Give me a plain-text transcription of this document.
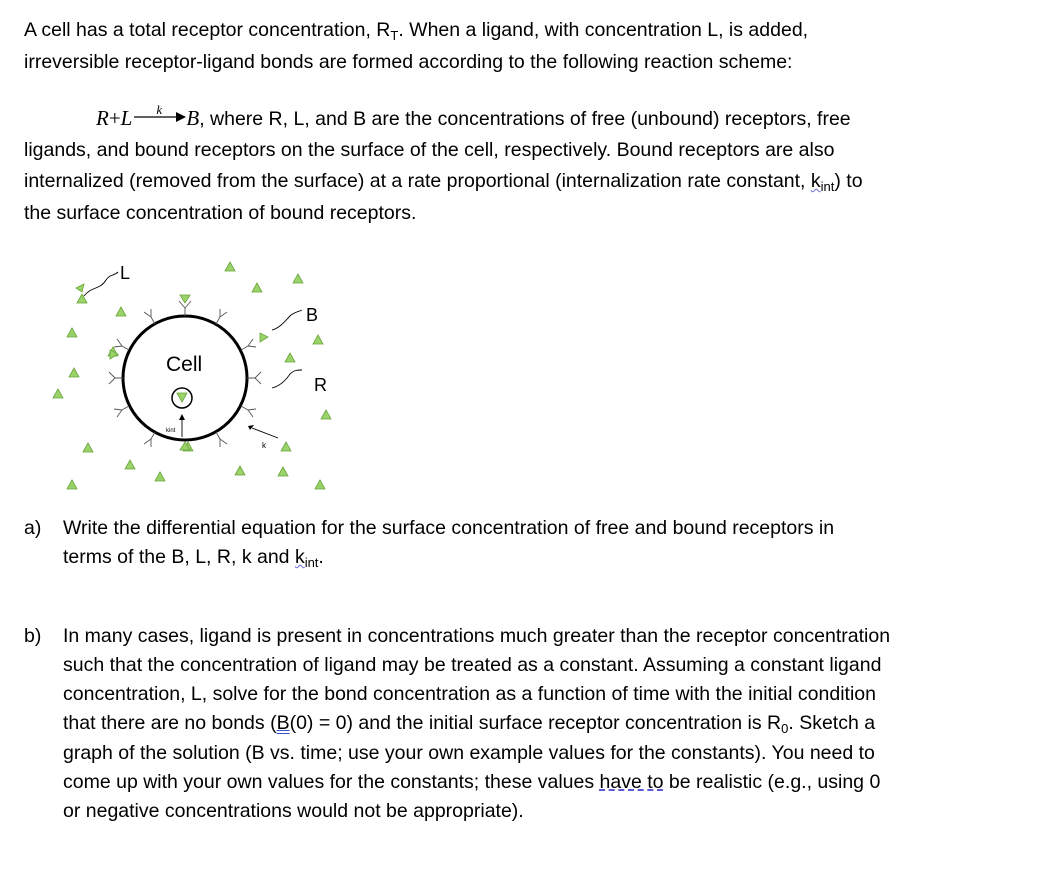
A cell has a total receptor concentration, $R_T$. When a ligand, with concentration L, is added,
irreversible receptor-ligand bonds are formed according to the following reaction scheme:
R+L k B, where R, L, and B are the concentrations of free (unbound) receptors, free
ligands, and bound receptors on the surface of the cell, respectively. Bound receptors are also
internalized (removed from the surface) at a rate proportional (internalization rate constant, $k_{int}$) to
the surface concentration of bound receptors.
kint
k
Cell
L
B
R
a) Write the differential equation for the surface concentration of free and bound receptors in
terms of the B, L, R, k and $k_{int}$.
b) In many cases, ligand is present in concentrations much greater than the receptor concentration
such that the concentration of ligand may be treated as a constant. Assuming a constant ligand
concentration, L, solve for the bond concentration as a function of time with the initial condition
that there are no bonds (B(0) = 0) and the initial surface receptor concentration is $R_0$. Sketch a
graph of the solution (B vs. time; use your own example values for the constants). You need to
come up with your own values for the constants; these values have to be realistic (e.g., using 0
or negative concentrations would not be appropriate).
